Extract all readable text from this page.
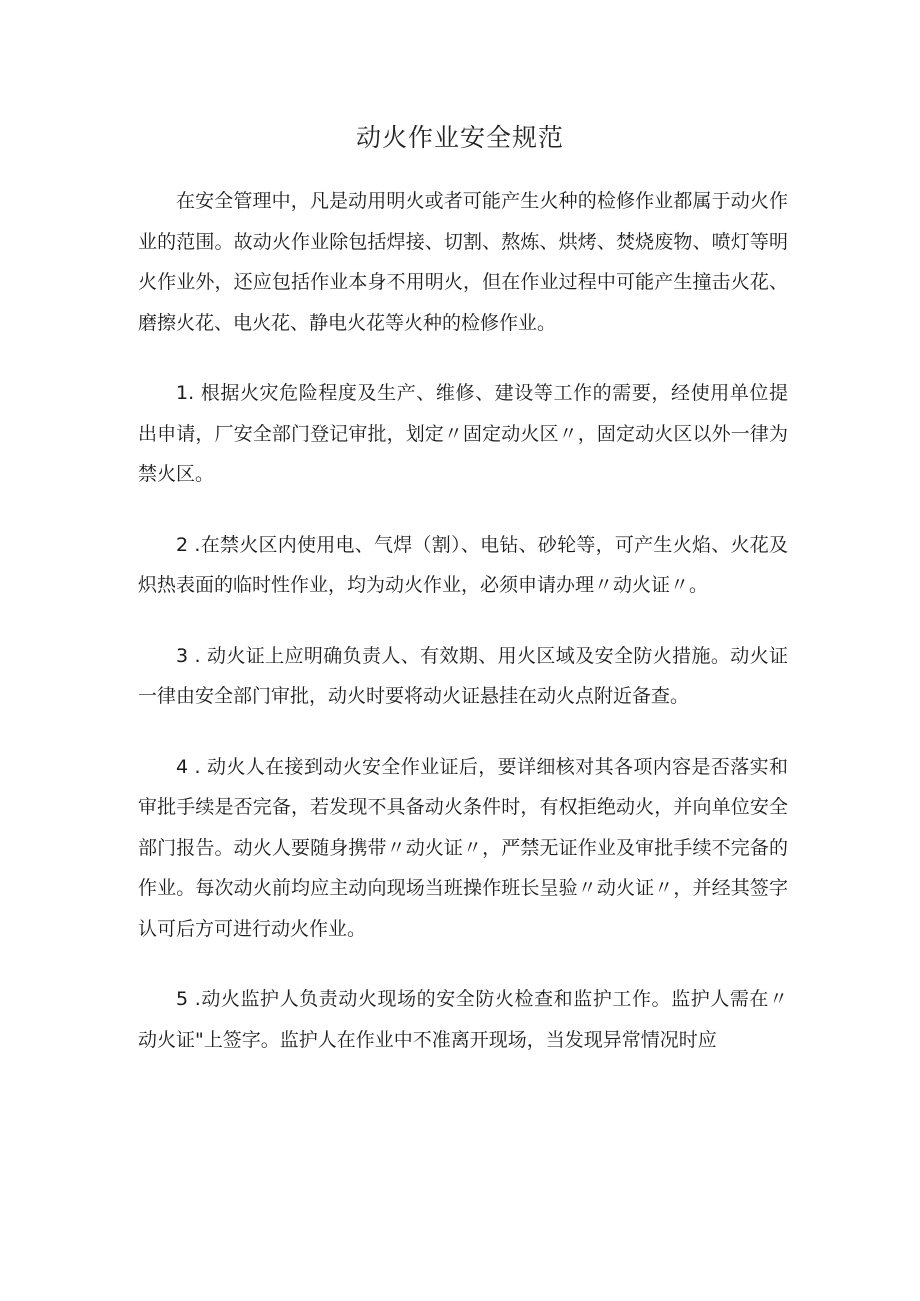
动火作业安全规范

在安全管理中，凡是动用明火或者可能产生火种的检修作业都属于动火作业的范围。故动火作业除包括焊接、切割、熬炼、烘烤、焚烧废物、喷灯等明火作业外，还应包括作业本身不用明火，但在作业过程中可能产生撞击火花、磨擦火花、电火花、静电火花等火种的检修作业。

1. 根据火灾危险程度及生产、维修、建设等工作的需要，经使用单位提出申请，厂安全部门登记审批，划定〃固定动火区〃，固定动火区以外一律为禁火区。

2 .在禁火区内使用电、气焊（割）、电钻、砂轮等，可产生火焰、火花及炽热表面的临时性作业，均为动火作业，必须申请办理〃动火证〃。

3 . 动火证上应明确负责人、有效期、用火区域及安全防火措施。动火证一律由安全部门审批，动火时要将动火证悬挂在动火点附近备查。

4 . 动火人在接到动火安全作业证后，要详细核对其各项内容是否落实和审批手续是否完备，若发现不具备动火条件时，有权拒绝动火，并向单位安全部门报告。动火人要随身携带〃动火证〃，严禁无证作业及审批手续不完备的作业。每次动火前均应主动向现场当班操作班长呈验〃动火证〃，并经其签字认可后方可进行动火作业。

5 .动火监护人负责动火现场的安全防火检查和监护工作。监护人需在〃动火证"上签字。监护人在作业中不准离开现场，当发现异常情况时应
